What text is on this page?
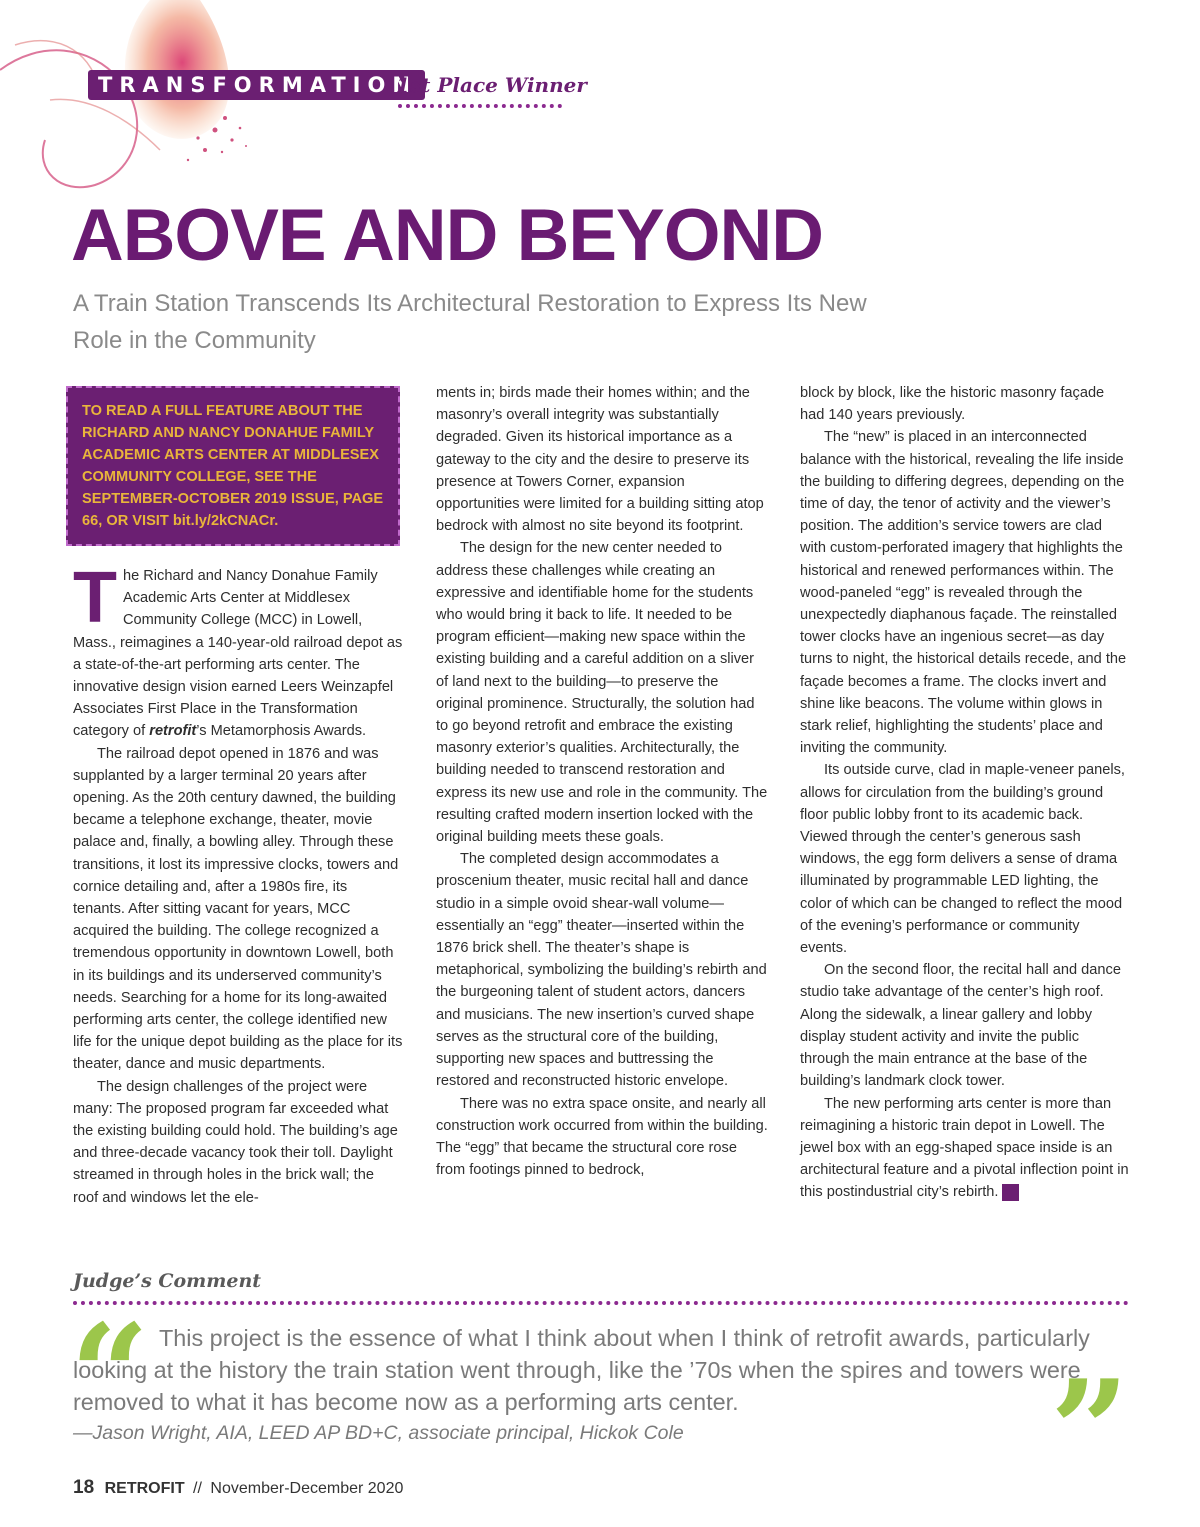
TRANSFORMATION
1st Place Winner
ABOVE AND BEYOND

A Train Station Transcends Its Architectural Restoration to Express Its New Role in the Community

TO READ A FULL FEATURE ABOUT THE RICHARD AND NANCY DONAHUE FAMILY ACADEMIC ARTS CENTER AT MIDDLESEX COMMUNITY COLLEGE, SEE THE SEPTEMBER-OCTOBER 2019 ISSUE, PAGE 66, OR VISIT bit.ly/2kCNACr.

The Richard and Nancy Donahue Family Academic Arts Center at Middlesex Community College (MCC) in Lowell, Mass., reimagines a 140-year-old railroad depot as a state-of-the-art performing arts center. The innovative design vision earned Leers Weinzapfel Associates First Place in the Transformation category of retrofit’s Metamorphosis Awards.

The railroad depot opened in 1876 and was supplanted by a larger terminal 20 years after opening. As the 20th century dawned, the building became a telephone exchange, theater, movie palace and, finally, a bowling alley. Through these transitions, it lost its impressive clocks, towers and cornice detailing and, after a 1980s fire, its tenants. After sitting vacant for years, MCC acquired the building. The college recognized a tremendous opportunity in downtown Lowell, both in its buildings and its underserved community’s needs. Searching for a home for its long-awaited performing arts center, the college identified new life for the unique depot building as the place for its theater, dance and music departments.

The design challenges of the project were many: The proposed program far exceeded what the existing building could hold. The building’s age and three-decade vacancy took their toll. Daylight streamed in through holes in the brick wall; the roof and windows let the ele-

ments in; birds made their homes within; and the masonry’s overall integrity was substantially degraded. Given its historical importance as a gateway to the city and the desire to preserve its presence at Towers Corner, expansion opportunities were limited for a building sitting atop bedrock with almost no site beyond its footprint.

The design for the new center needed to address these challenges while creating an expressive and identifiable home for the students who would bring it back to life. It needed to be program efficient—making new space within the existing building and a careful addition on a sliver of land next to the building—to preserve the original prominence. Structurally, the solution had to go beyond retrofit and embrace the existing masonry exterior’s qualities. Architecturally, the building needed to transcend restoration and express its new use and role in the community. The resulting crafted modern insertion locked with the original building meets these goals.

The completed design accommodates a proscenium theater, music recital hall and dance studio in a simple ovoid shear-wall volume—essentially an “egg” theater—inserted within the 1876 brick shell. The theater’s shape is metaphorical, symbolizing the building’s rebirth and the burgeoning talent of student actors, dancers and musicians. The new insertion’s curved shape serves as the structural core of the building, supporting new spaces and buttressing the restored and reconstructed historic envelope.

There was no extra space onsite, and nearly all construction work occurred from within the building. The “egg” that became the structural core rose from footings pinned to bedrock,

block by block, like the historic masonry façade had 140 years previously.

The “new” is placed in an interconnected balance with the historical, revealing the life inside the building to differing degrees, depending on the time of day, the tenor of activity and the viewer’s position. The addition’s service towers are clad with custom-perforated imagery that highlights the historical and renewed performances within. The wood-paneled “egg” is revealed through the unexpectedly diaphanous façade. The reinstalled tower clocks have an ingenious secret—as day turns to night, the historical details recede, and the façade becomes a frame. The clocks invert and shine like beacons. The volume within glows in stark relief, highlighting the students’ place and inviting the community.

Its outside curve, clad in maple-veneer panels, allows for circulation from the building’s ground floor public lobby front to its academic back. Viewed through the center’s generous sash windows, the egg form delivers a sense of drama illuminated by programmable LED lighting, the color of which can be changed to reflect the mood of the evening’s performance or community events.

On the second floor, the recital hall and dance studio take advantage of the center’s high roof. Along the sidewalk, a linear gallery and lobby display student activity and invite the public through the main entrance at the base of the building’s landmark clock tower.

The new performing arts center is more than reimagining a historic train depot in Lowell. The jewel box with an egg-shaped space inside is an architectural feature and a pivotal inflection point in this postindustrial city’s rebirth. ◤

Judge’s Comment
“ This project is the essence of what I think about when I think of retrofit awards, particularly looking at the history the train station went through, like the ’70s when the spires and towers were removed to what it has become now as a performing arts center.	”
—Jason Wright, AIA, LEED AP BD+C, associate principal, Hickok Cole
18 RETROFIT // November-December 2020
